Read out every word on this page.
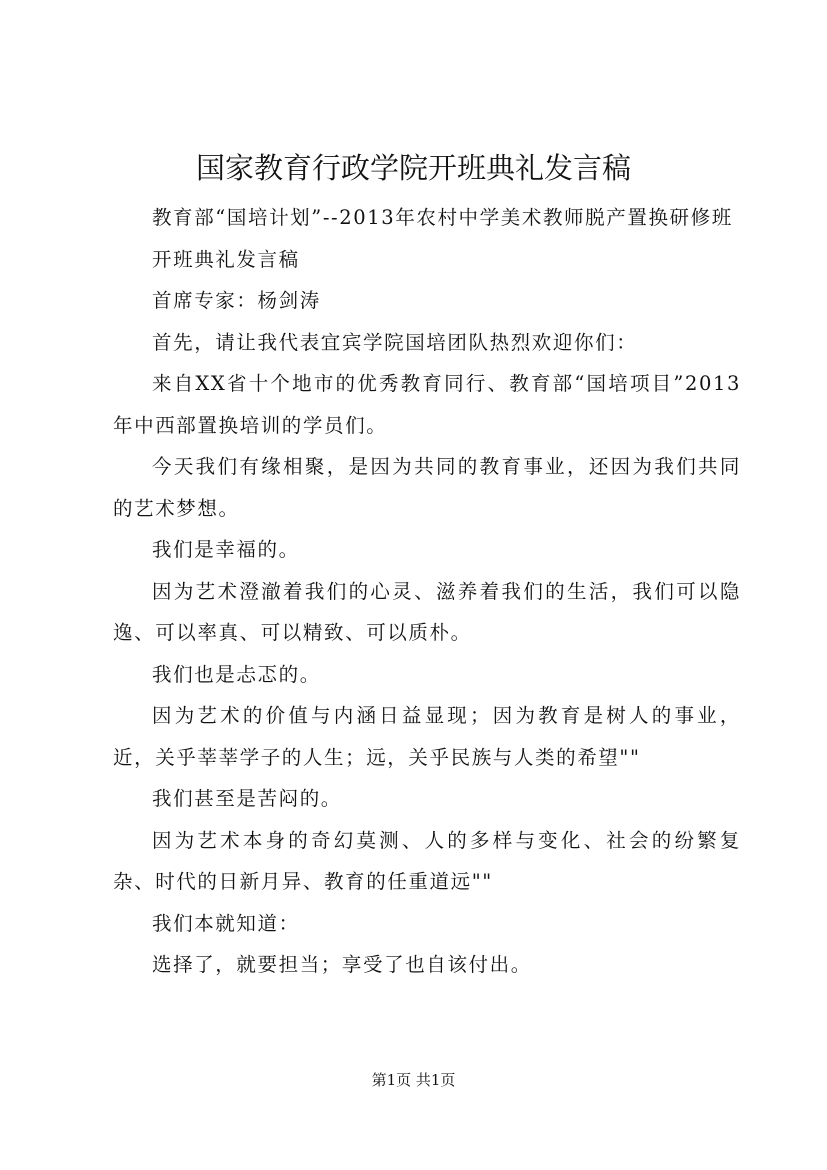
国家教育行政学院开班典礼发言稿

教育部“国培计划”--2013年农村中学美术教师脱产置换研修班

开班典礼发言稿

首席专家：杨剑涛

首先，请让我代表宜宾学院国培团队热烈欢迎你们：

来自XX省十个地市的优秀教育同行、教育部“国培项目”2013年中西部置换培训的学员们。

今天我们有缘相聚，是因为共同的教育事业，还因为我们共同的艺术梦想。

我们是幸福的。

因为艺术澄澈着我们的心灵、滋养着我们的生活，我们可以隐逸、可以率真、可以精致、可以质朴。

我们也是忐忑的。

因为艺术的价值与内涵日益显现；因为教育是树人的事业，近，关乎莘莘学子的人生；远，关乎民族与人类的希望""

我们甚至是苦闷的。

因为艺术本身的奇幻莫测、人的多样与变化、社会的纷繁复杂、时代的日新月异、教育的任重道远""

我们本就知道：

选择了，就要担当；享受了也自该付出。

第1页 共1页
